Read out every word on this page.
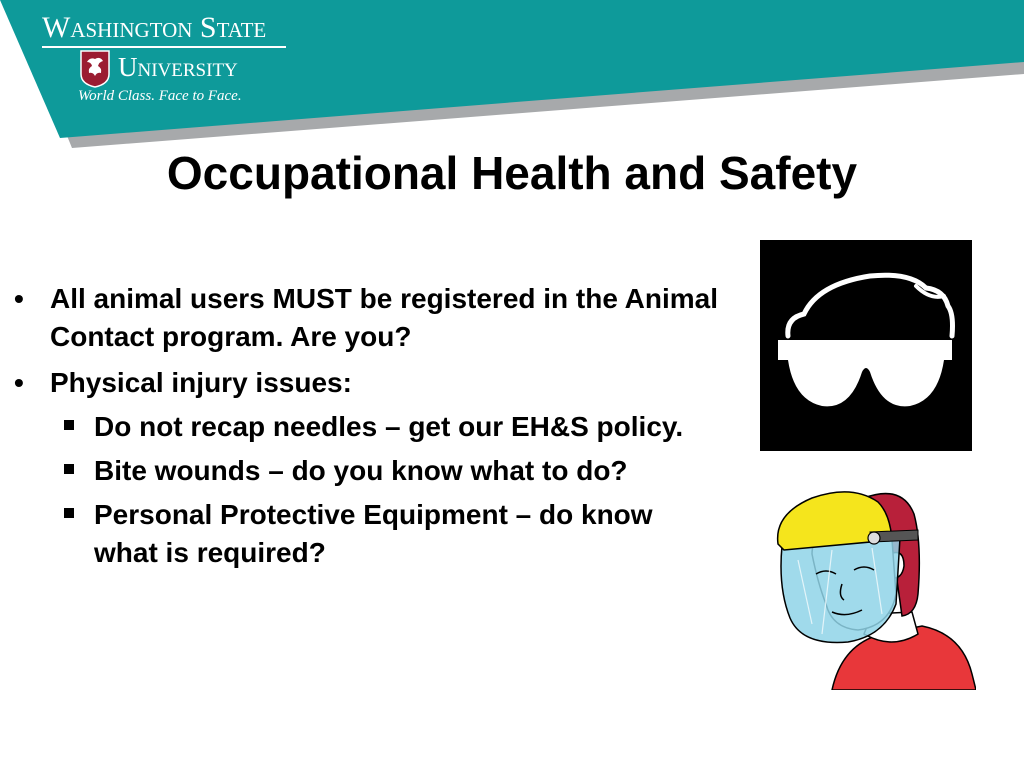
Washington State
University
World Class. Face to Face.
Occupational Health and Safety
• All animal users MUST be registered in the Animal Contact program. Are you?
• Physical injury issues:
Do not recap needles – get our EH&S policy.
Bite wounds – do you know what to do?
Personal Protective Equipment – do know what is required?
